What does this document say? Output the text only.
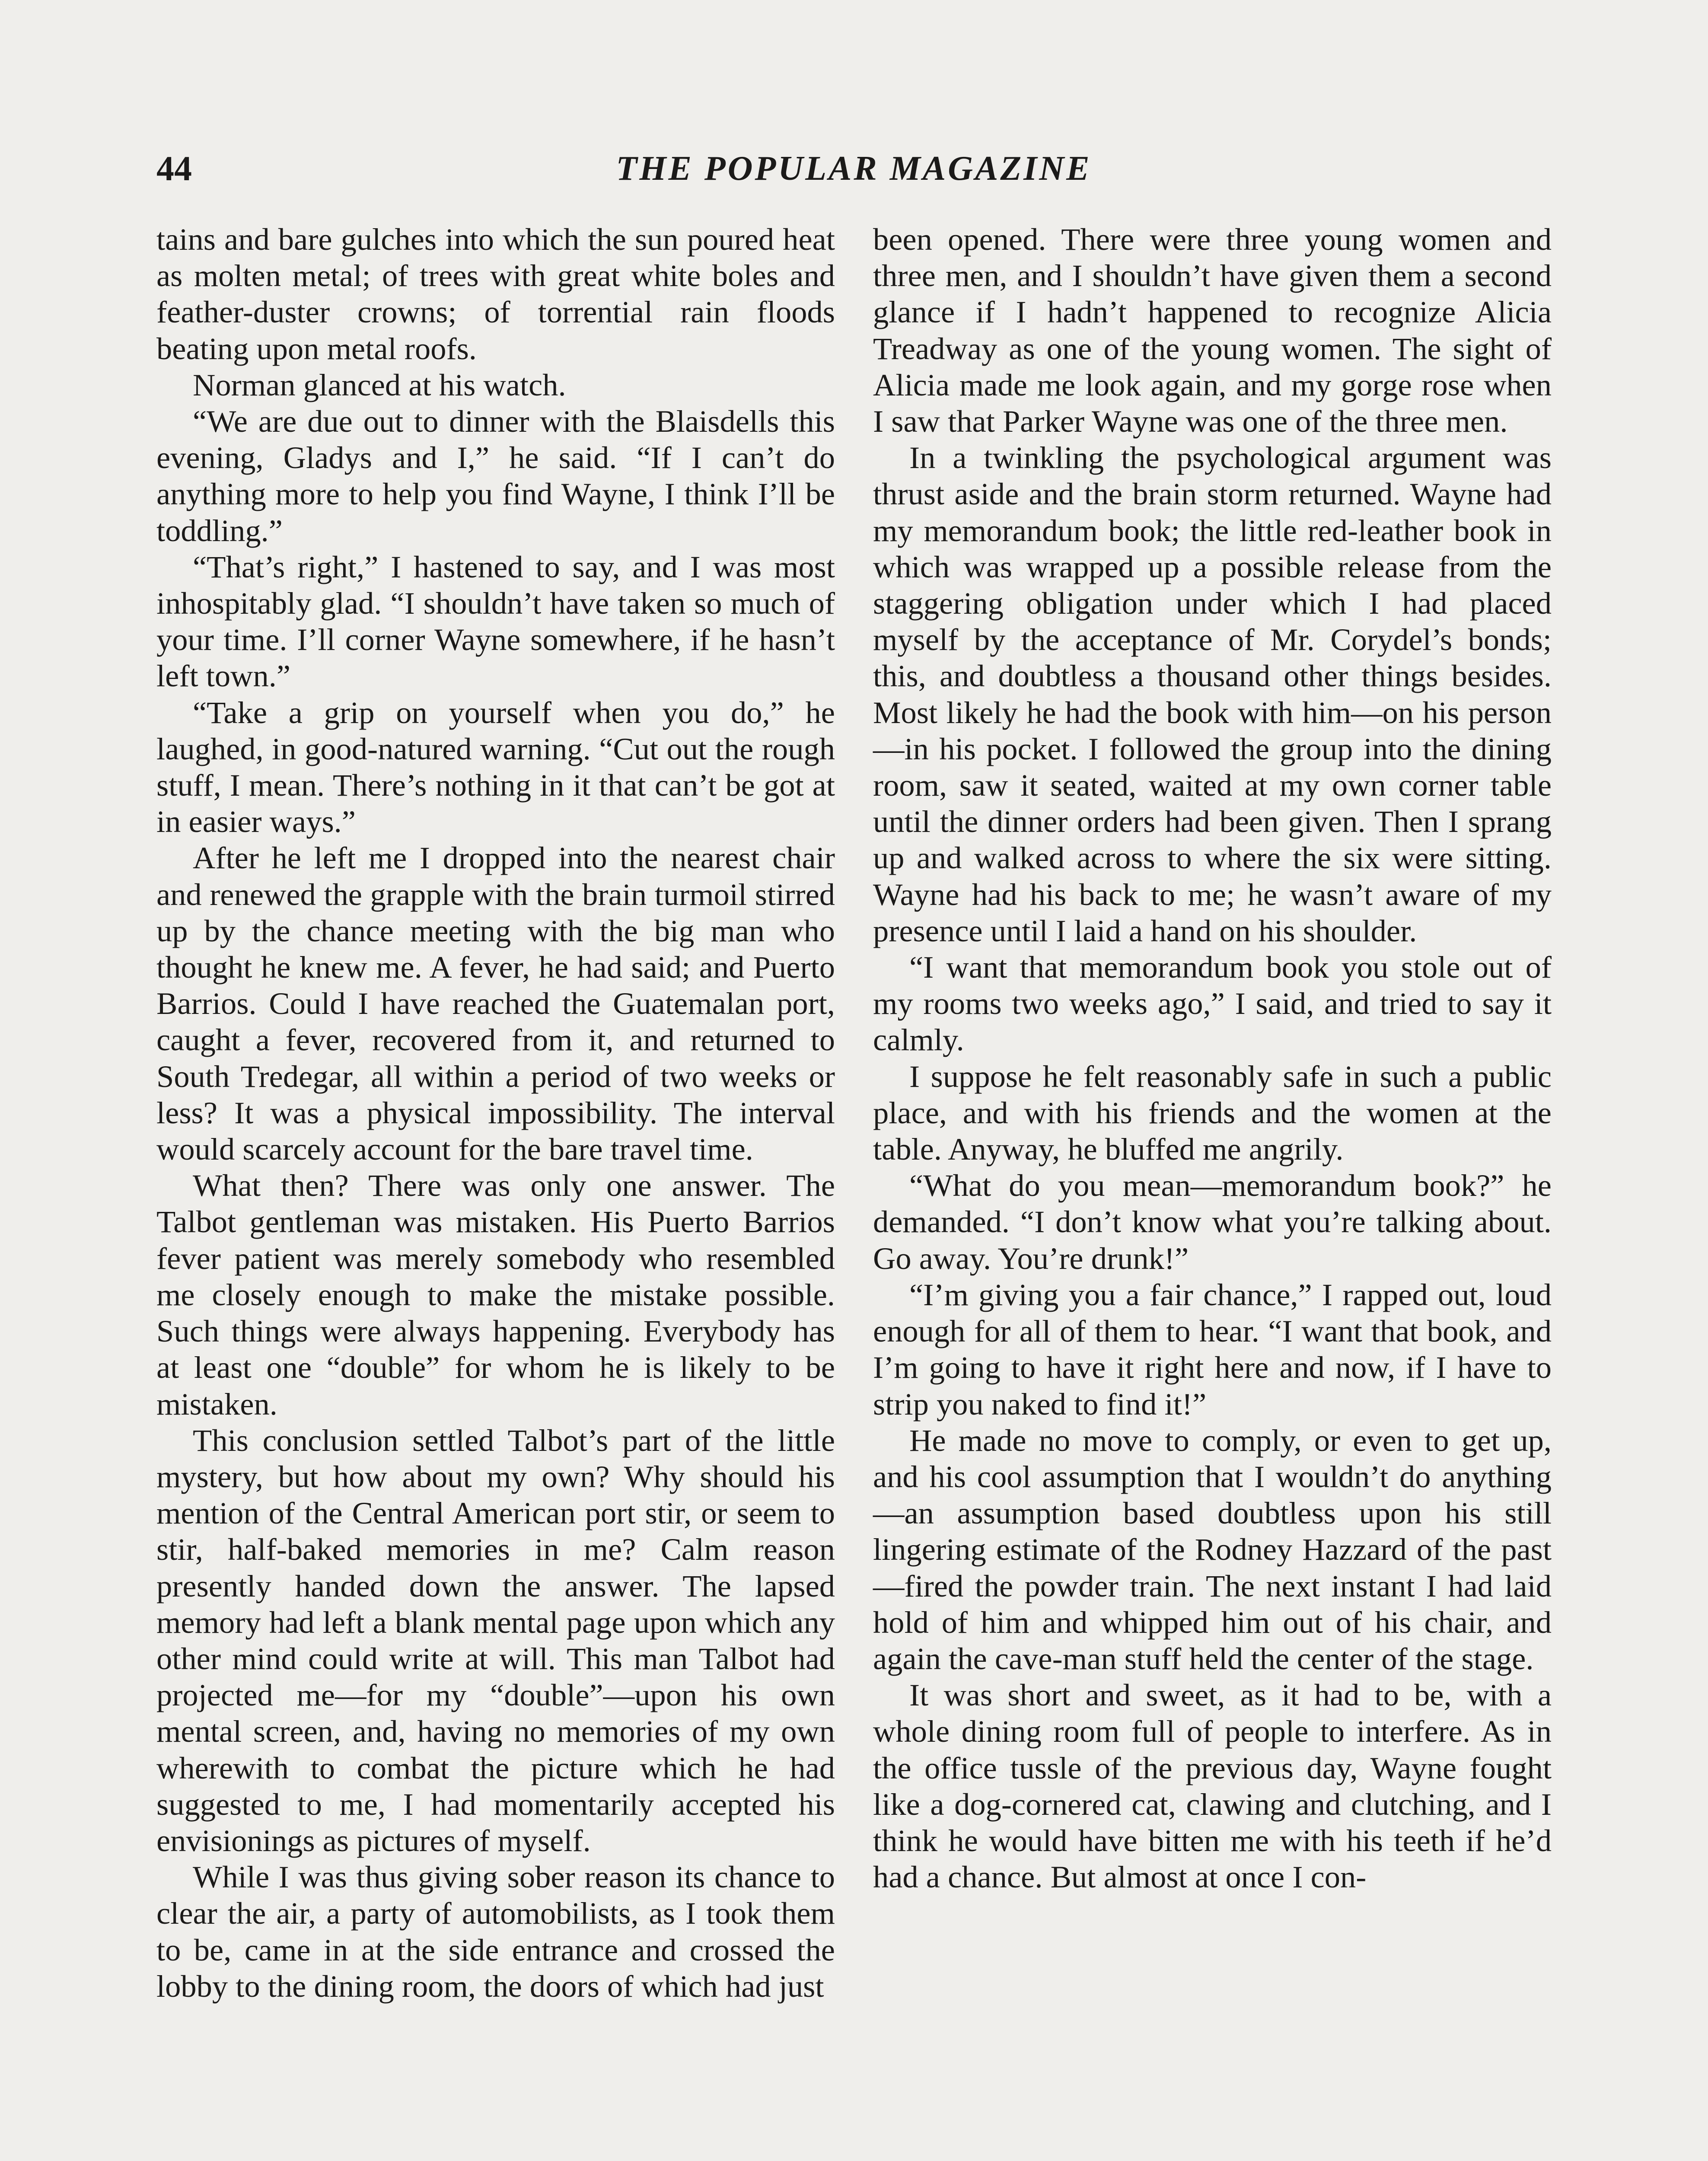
44	THE POPULAR MAGAZINE

tains and bare gulches into which the sun poured heat as molten metal; of trees with great white boles and feather-duster crowns; of torrential rain floods beating upon metal roofs.

Norman glanced at his watch.

“We are due out to dinner with the Blaisdells this evening, Gladys and I,” he said. “If I can’t do anything more to help you find Wayne, I think I’ll be toddling.”

“That’s right,” I hastened to say, and I was most inhospitably glad. “I shouldn’t have taken so much of your time. I’ll corner Wayne somewhere, if he hasn’t left town.”

“Take a grip on yourself when you do,” he laughed, in good-natured warning. “Cut out the rough stuff, I mean. There’s nothing in it that can’t be got at in easier ways.”

After he left me I dropped into the nearest chair and renewed the grapple with the brain turmoil stirred up by the chance meeting with the big man who thought he knew me. A fever, he had said; and Puerto Barrios. Could I have reached the Guatemalan port, caught a fever, recovered from it, and returned to South Tredegar, all within a period of two weeks or less? It was a physical impossibility. The interval would scarcely account for the bare travel time.

What then? There was only one answer. The Talbot gentleman was mistaken. His Puerto Barrios fever patient was merely somebody who resembled me closely enough to make the mistake possible. Such things were always happening. Everybody has at least one “double” for whom he is likely to be mistaken.

This conclusion settled Talbot’s part of the little mystery, but how about my own? Why should his mention of the Central American port stir, or seem to stir, half-baked memories in me? Calm reason presently handed down the answer. The lapsed memory had left a blank mental page upon which any other mind could write at will. This man Talbot had projected me—for my “double”—upon his own mental screen, and, having no memories of my own wherewith to combat the picture which he had suggested to me, I had momentarily accepted his envisionings as pictures of myself.

While I was thus giving sober reason its chance to clear the air, a party of automobilists, as I took them to be, came in at the side entrance and crossed the lobby to the dining room, the doors of which had just

been opened. There were three young women and three men, and I shouldn’t have given them a second glance if I hadn’t happened to recognize Alicia Treadway as one of the young women. The sight of Alicia made me look again, and my gorge rose when I saw that Parker Wayne was one of the three men.

In a twinkling the psychological argument was thrust aside and the brain storm returned. Wayne had my memorandum book; the little red-leather book in which was wrapped up a possible release from the staggering obligation under which I had placed myself by the acceptance of Mr. Corydel’s bonds; this, and doubtless a thousand other things besides. Most likely he had the book with him—on his person—in his pocket. I followed the group into the dining room, saw it seated, waited at my own corner table until the dinner orders had been given. Then I sprang up and walked across to where the six were sitting. Wayne had his back to me; he wasn’t aware of my presence until I laid a hand on his shoulder.

“I want that memorandum book you stole out of my rooms two weeks ago,” I said, and tried to say it calmly.

I suppose he felt reasonably safe in such a public place, and with his friends and the women at the table. Anyway, he bluffed me angrily.

“What do you mean—memorandum book?” he demanded. “I don’t know what you’re talking about. Go away. You’re drunk!”

“I’m giving you a fair chance,” I rapped out, loud enough for all of them to hear. “I want that book, and I’m going to have it right here and now, if I have to strip you naked to find it!”

He made no move to comply, or even to get up, and his cool assumption that I wouldn’t do anything—an assumption based doubtless upon his still lingering estimate of the Rodney Hazzard of the past—fired the powder train. The next instant I had laid hold of him and whipped him out of his chair, and again the cave-man stuff held the center of the stage.

It was short and sweet, as it had to be, with a whole dining room full of people to interfere. As in the office tussle of the previous day, Wayne fought like a dog-cornered cat, clawing and clutching, and I think he would have bitten me with his teeth if he’d had a chance. But almost at once I con-
